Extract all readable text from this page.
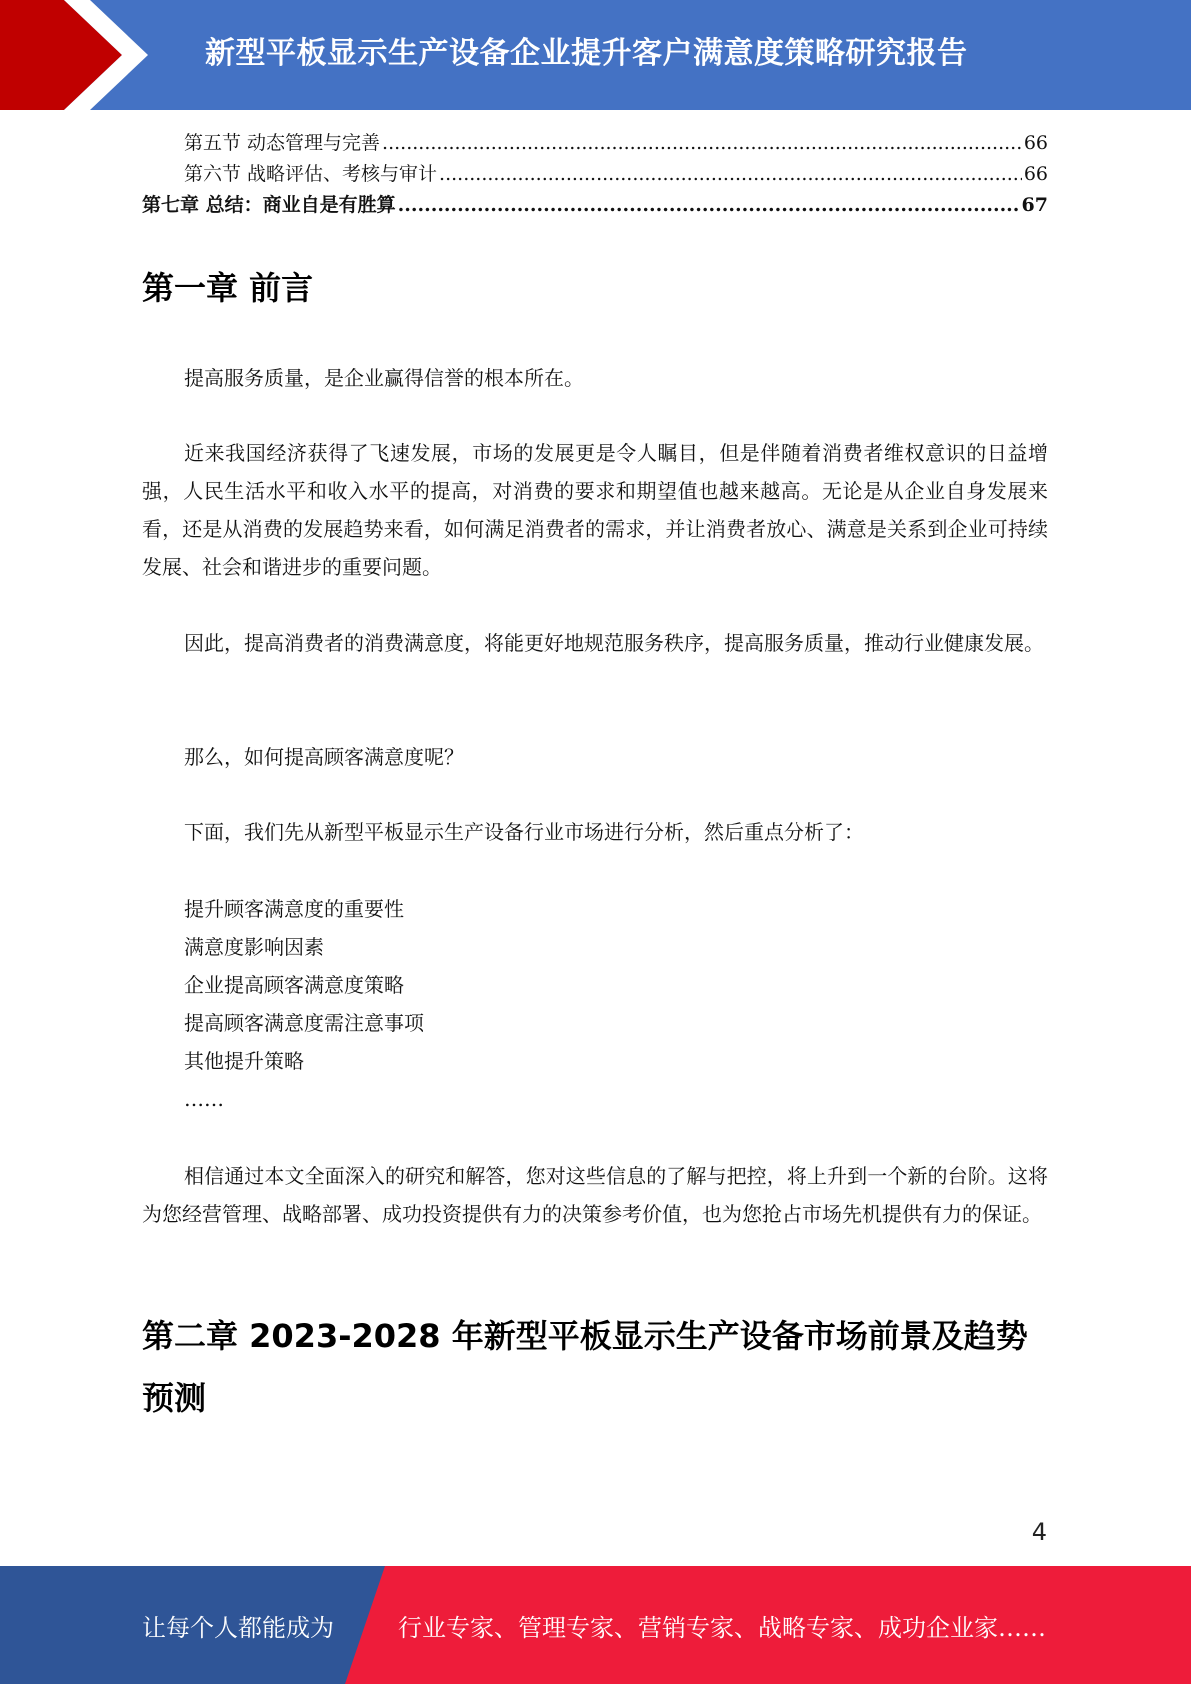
新型平板显示生产设备企业提升客户满意度策略研究报告
第五节 动态管理与完善 .....	66
第六节 战略评估、考核与审计 .....	66
第七章 总结：商业自是有胜算 .....	67
第一章 前言

提高服务质量，是企业赢得信誉的根本所在。

近来我国经济获得了飞速发展，市场的发展更是令人瞩目，但是伴随着消费者维权意识的日益增强，人民生活水平和收入水平的提高，对消费的要求和期望值也越来越高。无论是从企业自身发展来看，还是从消费的发展趋势来看，如何满足消费者的需求，并让消费者放心、满意是关系到企业可持续发展、社会和谐进步的重要问题。

因此，提高消费者的消费满意度，将能更好地规范服务秩序，提高服务质量，推动行业健康发展。

那么，如何提高顾客满意度呢？

下面，我们先从新型平板显示生产设备行业市场进行分析，然后重点分析了：

提升顾客满意度的重要性
满意度影响因素
企业提高顾客满意度策略
提高顾客满意度需注意事项
其他提升策略
……

相信通过本文全面深入的研究和解答，您对这些信息的了解与把控，将上升到一个新的台阶。这将为您经营管理、战略部署、成功投资提供有力的决策参考价值，也为您抢占市场先机提供有力的保证。

第二章 2023-2028 年新型平板显示生产设备市场前景及趋势预测
4
让每个人都能成为	行业专家、管理专家、营销专家、战略专家、成功企业家……
